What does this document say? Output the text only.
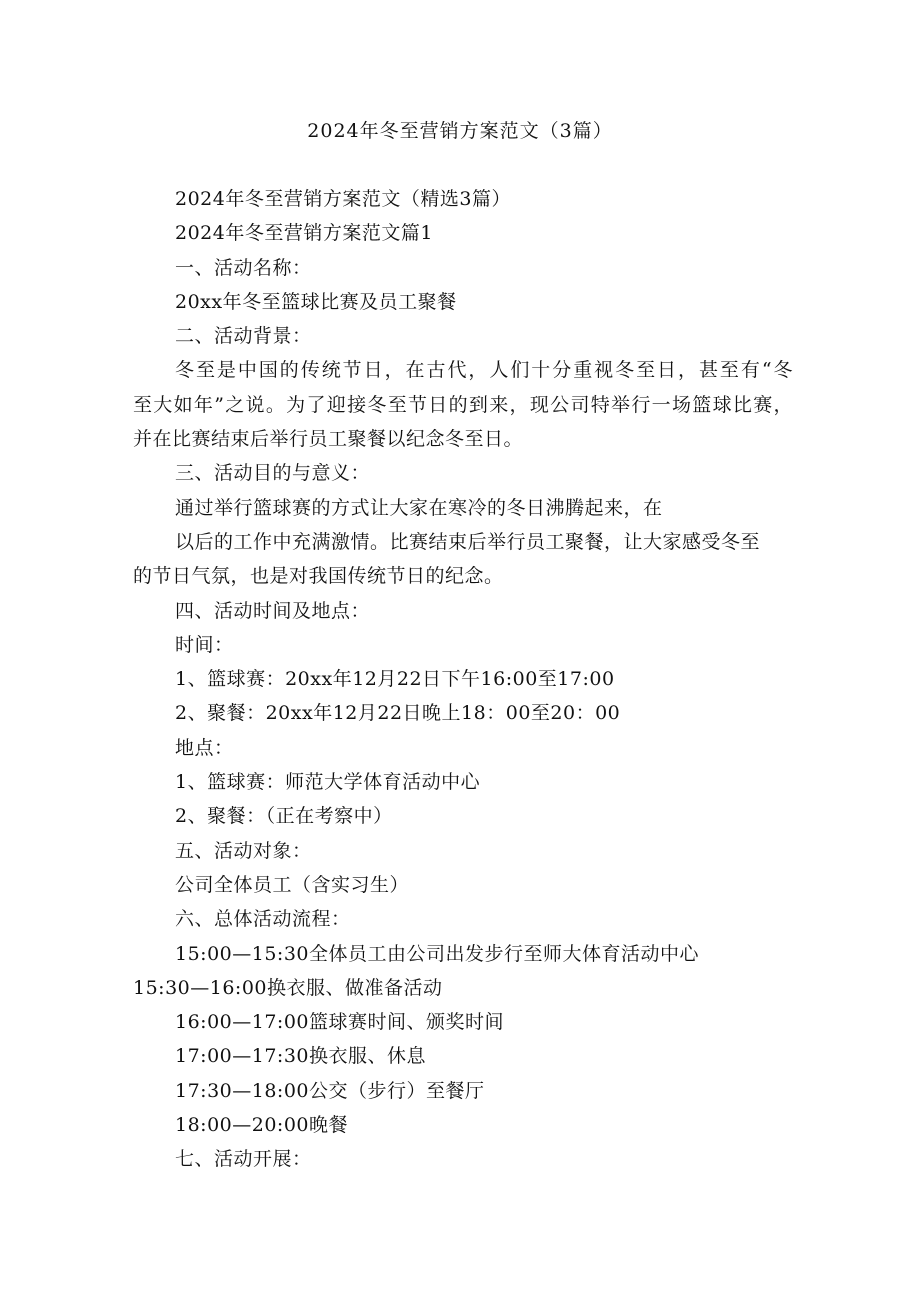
2024年冬至营销方案范文（3篇）
2024年冬至营销方案范文（精选3篇）
2024年冬至营销方案范文篇1
一、活动名称：
20xx年冬至篮球比赛及员工聚餐
二、活动背景：
冬至是中国的传统节日，在古代，人们十分重视冬至日，甚至有“冬
至大如年”之说。为了迎接冬至节日的到来，现公司特举行一场篮球比赛，
并在比赛结束后举行员工聚餐以纪念冬至日。
三、活动目的与意义：
通过举行篮球赛的方式让大家在寒冷的冬日沸腾起来，在
以后的工作中充满激情。比赛结束后举行员工聚餐，让大家感受冬至
的节日气氛，也是对我国传统节日的纪念。
四、活动时间及地点：
时间：
1、篮球赛：20xx年12月22日下午16:00至17:00
2、聚餐：20xx年12月22日晚上18：00至20：00
地点：
1、篮球赛：师范大学体育活动中心
2、聚餐：（正在考察中）
五、活动对象：
公司全体员工（含实习生）
六、总体活动流程：
15:00—15:30全体员工由公司出发步行至师大体育活动中心
15:30—16:00换衣服、做准备活动
16:00—17:00篮球赛时间、颁奖时间
17:00—17:30换衣服、休息
17:30—18:00公交（步行）至餐厅
18:00—20:00晚餐
七、活动开展：
